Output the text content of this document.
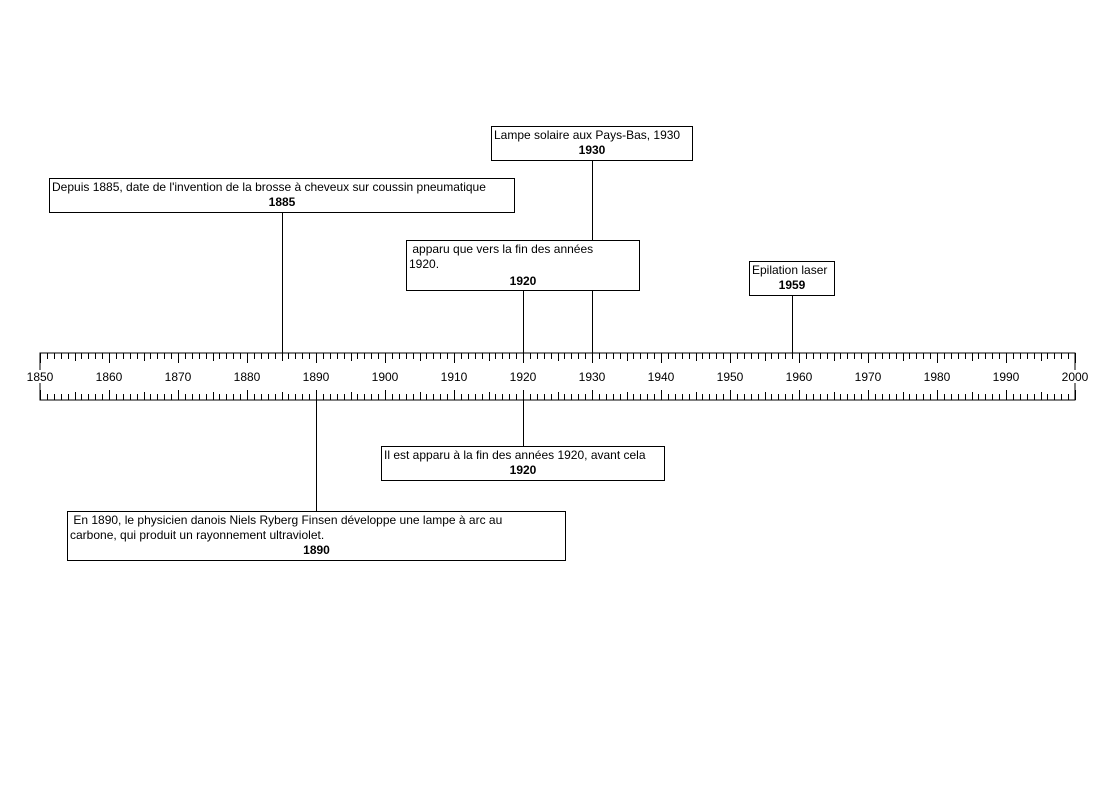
1850	1860	1870	1880	1890	1900	1910	1920	1930	1940	1950	1960	1970	1980	1990	2000
Lampe solaire aux Pays-Bas, 1930
1930
Depuis 1885, date de l'invention de la brosse à cheveux sur coussin pneumatique
1885
apparu que vers la fin des années
1920.
1920
Epilation laser
1959
Il est apparu à la fin des années 1920, avant cela
1920
En 1890, le physicien danois Niels Ryberg Finsen développe une lampe à arc au
carbone, qui produit un rayonnement ultraviolet.
1890
